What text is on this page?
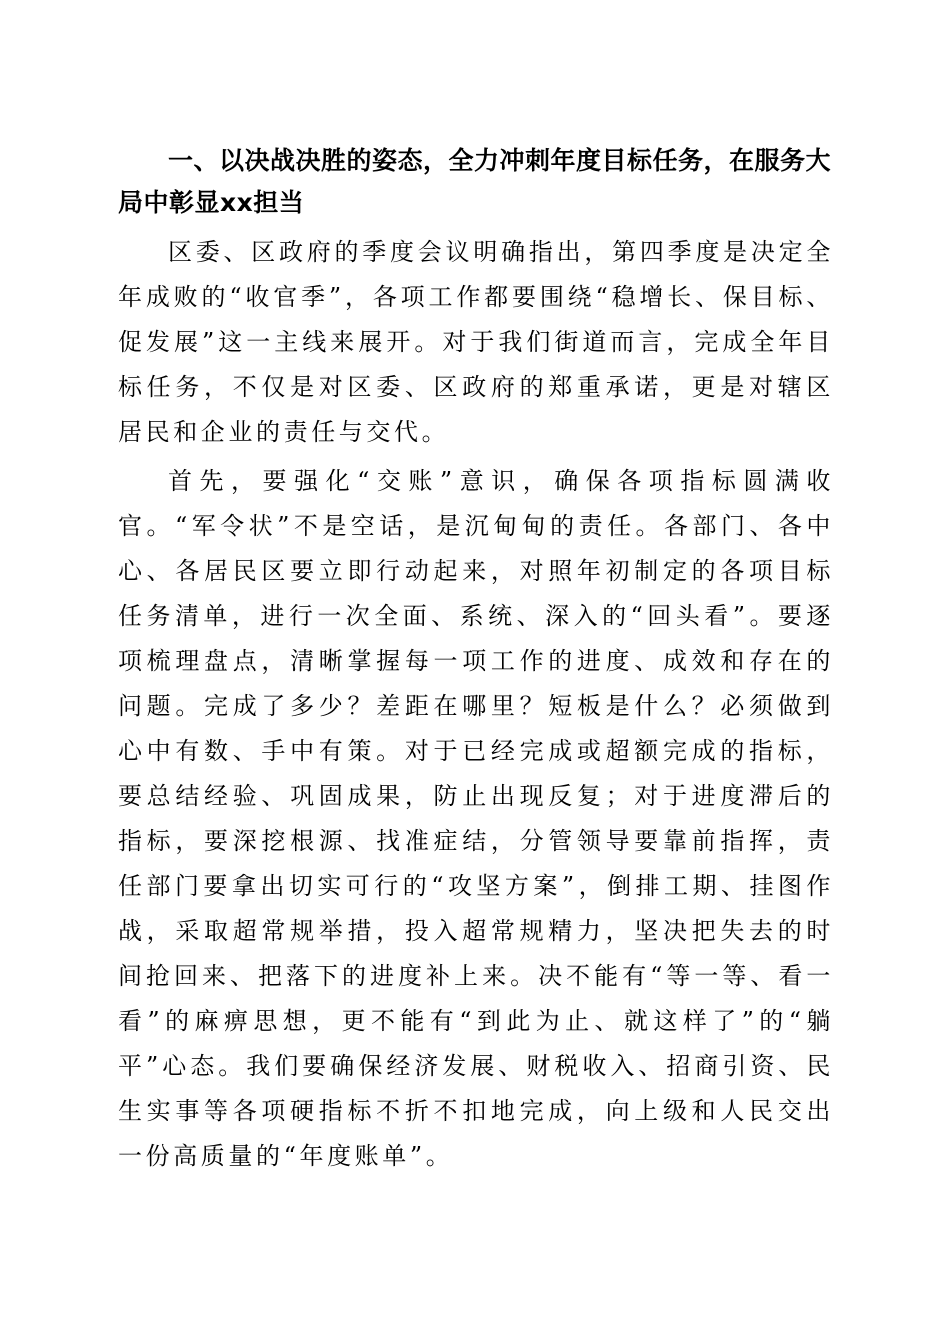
一、以决战决胜的姿态，全力冲刺年度目标任务，在服务大局中彰显xx担当

区委、区政府的季度会议明确指出，第四季度是决定全年成败的“收官季”，各项工作都要围绕“稳增长、保目标、促发展”这一主线来展开。对于我们街道而言，完成全年目标任务，不仅是对区委、区政府的郑重承诺，更是对辖区居民和企业的责任与交代。

首先，要强化“交账”意识，确保各项指标圆满收官。“军令状”不是空话，是沉甸甸的责任。各部门、各中心、各居民区要立即行动起来，对照年初制定的各项目标任务清单，进行一次全面、系统、深入的“回头看”。要逐项梳理盘点，清晰掌握每一项工作的进度、成效和存在的问题。完成了多少？差距在哪里？短板是什么？必须做到心中有数、手中有策。对于已经完成或超额完成的指标，要总结经验、巩固成果，防止出现反复；对于进度滞后的指标，要深挖根源、找准症结，分管领导要靠前指挥，责任部门要拿出切实可行的“攻坚方案”，倒排工期、挂图作战，采取超常规举措，投入超常规精力，坚决把失去的时间抢回来、把落下的进度补上来。决不能有“等一等、看一看”的麻痹思想，更不能有“到此为止、就这样了”的“躺平”心态。我们要确保经济发展、财税收入、招商引资、民生实事等各项硬指标不折不扣地完成，向上级和人民交出一份高质量的“年度账单”。
